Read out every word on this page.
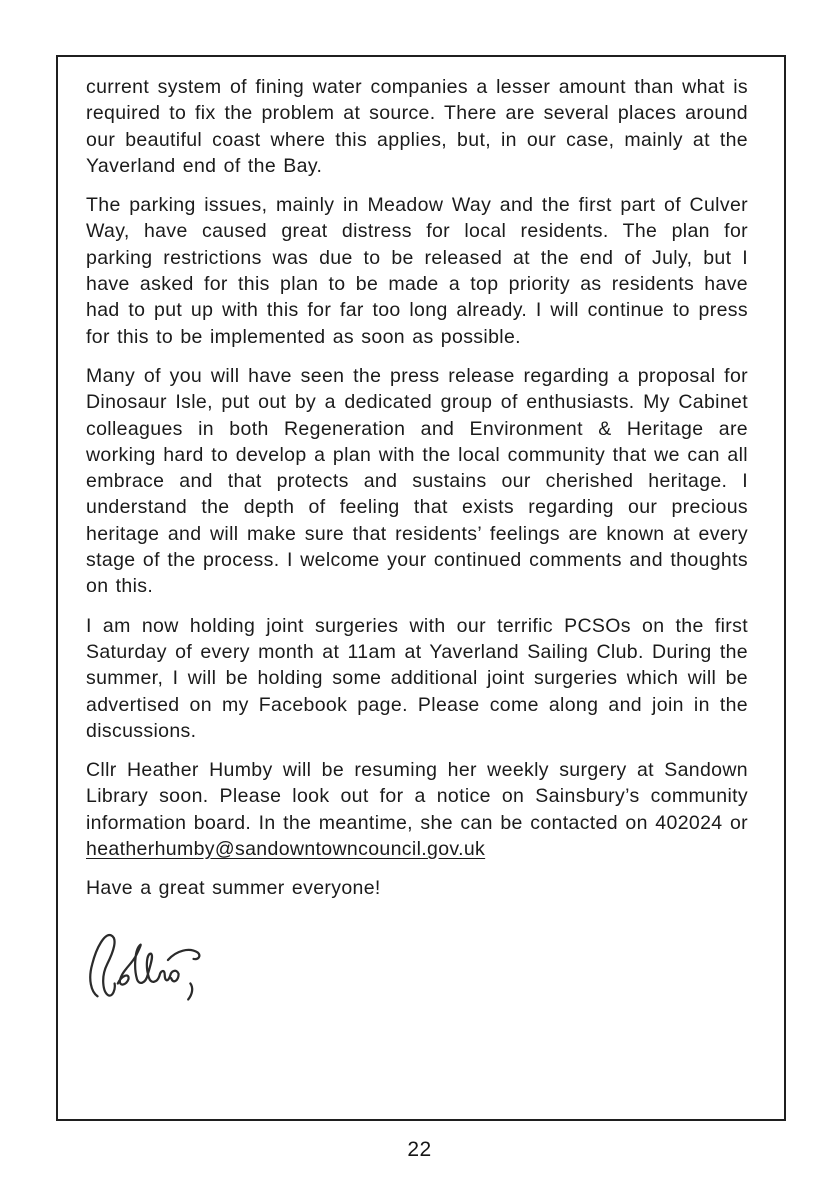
current system of fining water companies a lesser amount than what is required to fix the problem at source. There are several places around our beautiful coast where this applies, but, in our case, mainly at the Yaverland end of the Bay.

The parking issues, mainly in Meadow Way and the first part of Culver Way, have caused great distress for local residents. The plan for parking restrictions was due to be released at the end of July, but I have asked for this plan to be made a top priority as residents have had to put up with this for far too long already. I will continue to press for this to be implemented as soon as possible.

Many of you will have seen the press release regarding a proposal for Dinosaur Isle, put out by a dedicated group of enthusiasts. My Cabinet colleagues in both Regeneration and Environment & Heritage are working hard to develop a plan with the local community that we can all embrace and that protects and sustains our cherished heritage. I understand the depth of feeling that exists regarding our precious heritage and will make sure that residents’ feelings are known at every stage of the process. I welcome your continued comments and thoughts on this.

I am now holding joint surgeries with our terrific PCSOs on the first Saturday of every month at 11am at Yaverland Sailing Club. During the summer, I will be holding some additional joint surgeries which will be advertised on my Facebook page. Please come along and join in the discussions.

Cllr Heather Humby will be resuming her weekly surgery at Sandown Library soon. Please look out for a notice on Sainsbury’s community information board. In the meantime, she can be contacted on 402024 or heatherhumby@sandowntowncouncil.gov.uk

Have a great summer everyone!

22
